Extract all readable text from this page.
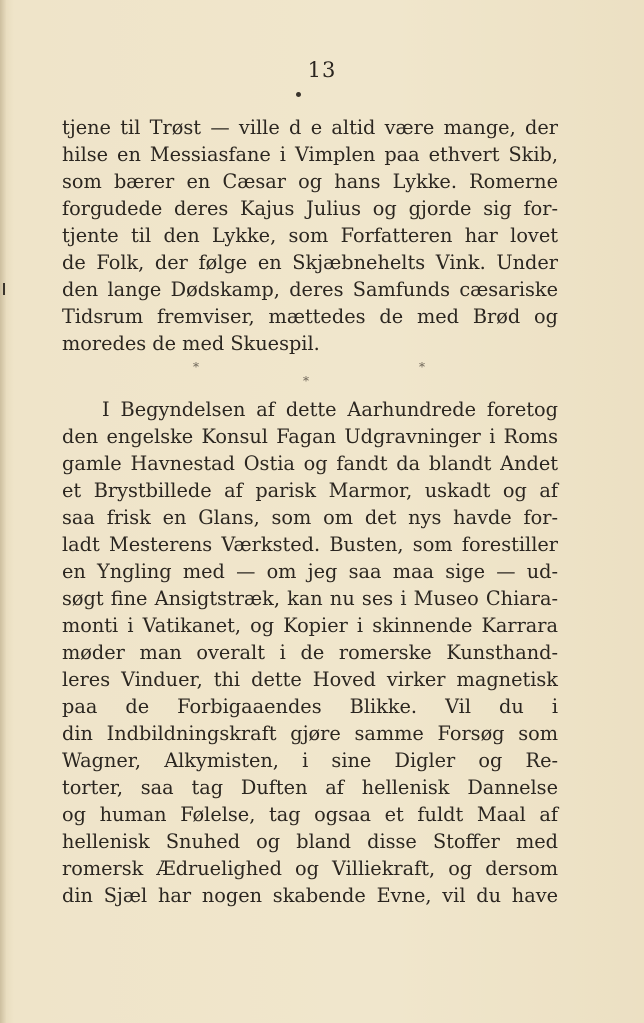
13
tjene til Trøst — ville d e altid være mange, der
hilse en Messiasfane i Vimplen paa ethvert Skib,
som bærer en Cæsar og hans Lykke. Romerne
forgudede deres Kajus Julius og gjorde sig for-
tjente til den Lykke, som Forfatteren har lovet
de Folk, der følge en Skjæbnehelts Vink. Under
den lange Dødskamp, deres Samfunds cæsariske
Tidsrum fremviser, mættedes de med Brød og
moredes de med Skuespil.
*
*
*
I Begyndelsen af dette Aarhundrede foretog
den engelske Konsul Fagan Udgravninger i Roms
gamle Havnestad Ostia og fandt da blandt Andet
et Brystbillede af parisk Marmor, uskadt og af
saa frisk en Glans, som om det nys havde for-
ladt Mesterens Værksted. Busten, som forestiller
en Yngling med — om jeg saa maa sige — ud-
søgt fine Ansigtstræk, kan nu ses i Museo Chiara-
monti i Vatikanet, og Kopier i skinnende Karrara
møder man overalt i de romerske Kunsthand-
leres Vinduer, thi dette Hoved virker magnetisk
paa de Forbigaaendes Blikke. Vil du i
din Indbildningskraft gjøre samme Forsøg som
Wagner, Alkymisten, i sine Digler og Re-
torter, saa tag Duften af hellenisk Dannelse
og human Følelse, tag ogsaa et fuldt Maal af
hellenisk Snuhed og bland disse Stoffer med
romersk Ædruelighed og Villiekraft, og dersom
din Sjæl har nogen skabende Evne, vil du have
